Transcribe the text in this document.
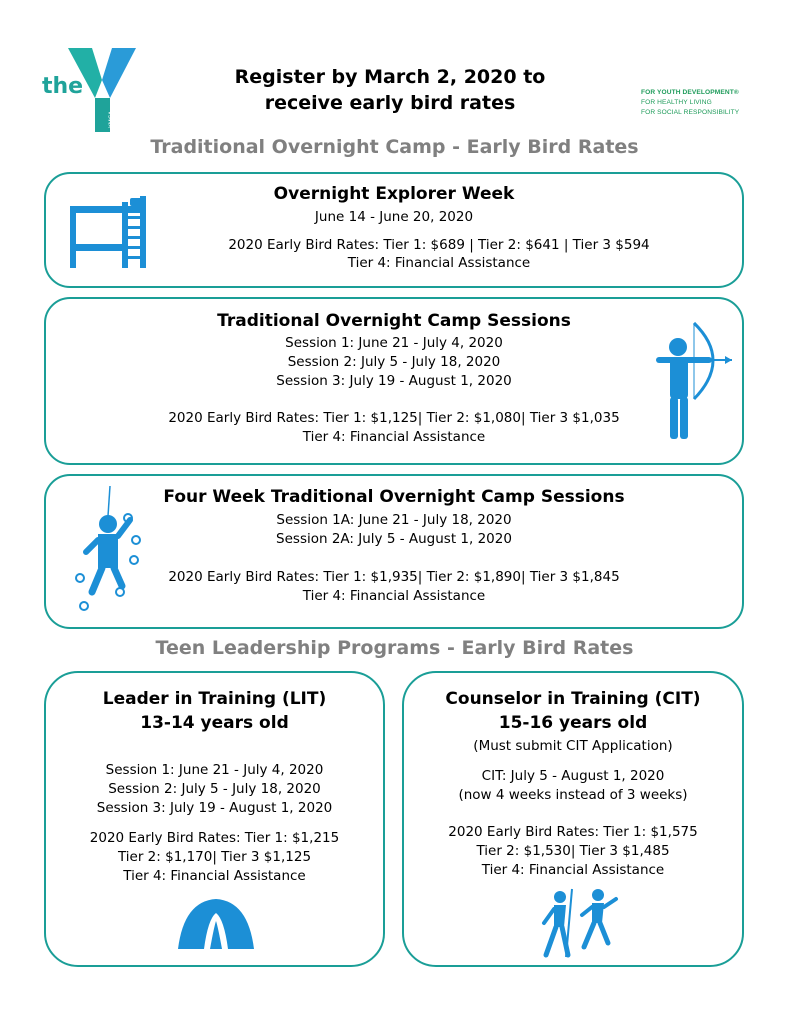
YMCA
the	FOR YOUTH DEVELOPMENT®
FOR HEALTHY LIVING
FOR SOCIAL RESPONSIBILITY
Register by March 2, 2020 to
receive early bird rates
Traditional Overnight Camp - Early Bird Rates
Overnight Explorer Week
June 14 - June 20, 2020
2020 Early Bird Rates: Tier 1: $689 | Tier 2: $641 | Tier 3 $594
Tier 4: Financial Assistance
Traditional Overnight Camp Sessions
Session 1: June 21 - July 4, 2020
Session 2: July 5 - July 18, 2020
Session 3: July 19 - August 1, 2020
2020 Early Bird Rates: Tier 1: $1,125| Tier 2: $1,080| Tier 3 $1,035
Tier 4: Financial Assistance
Four Week Traditional Overnight Camp Sessions
Session 1A: June 21 - July 18, 2020
Session 2A: July 5 - August 1, 2020
2020 Early Bird Rates: Tier 1: $1,935| Tier 2: $1,890| Tier 3 $1,845
Tier 4: Financial Assistance
Teen Leadership Programs - Early Bird Rates
Leader in Training (LIT)
13-14 years old
Session 1: June 21 - July 4, 2020
Session 2: July 5 - July 18, 2020
Session 3: July 19 - August 1, 2020
2020 Early Bird Rates: Tier 1: $1,215
Tier 2: $1,170| Tier 3 $1,125
Tier 4: Financial Assistance
Counselor in Training (CIT)
15-16 years old
(Must submit CIT Application)
CIT: July 5 - August 1, 2020
(now 4 weeks instead of 3 weeks)
2020 Early Bird Rates: Tier 1: $1,575
Tier 2: $1,530| Tier 3 $1,485
Tier 4: Financial Assistance
